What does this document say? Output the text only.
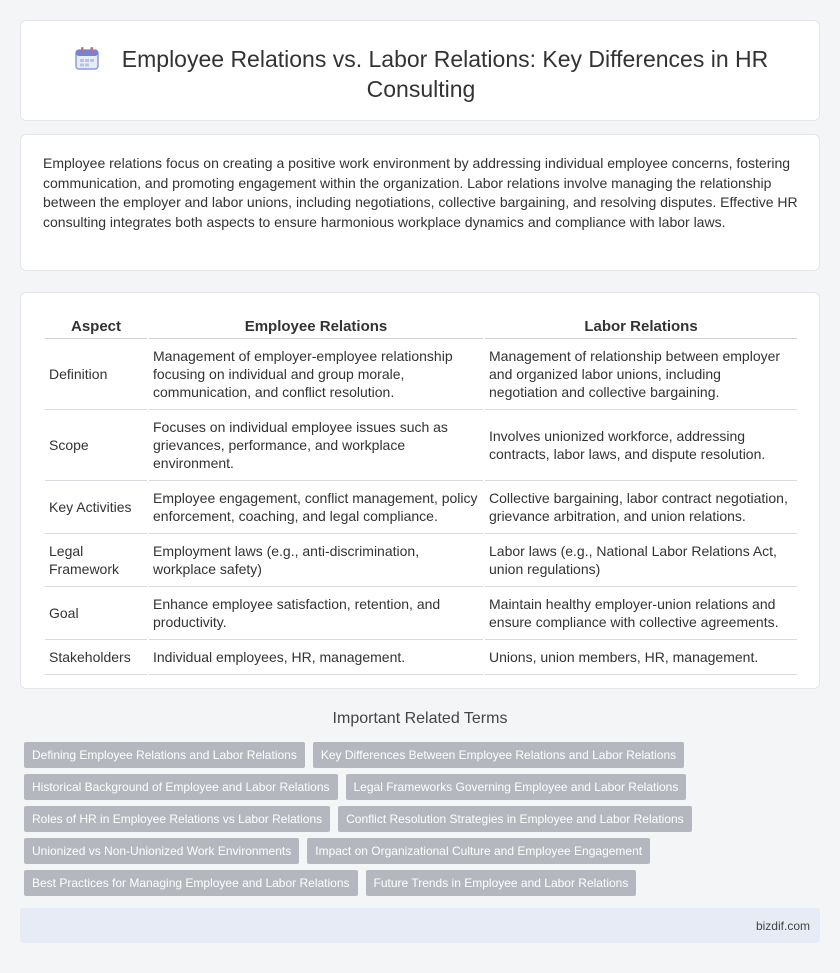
Employee Relations vs. Labor Relations: Key Differences in HR Consulting

Employee relations focus on creating a positive work environment by addressing individual employee concerns, fostering communication, and promoting engagement within the organization. Labor relations involve managing the relationship between the employer and labor unions, including negotiations, collective bargaining, and resolving disputes. Effective HR consulting integrates both aspects to ensure harmonious workplace dynamics and compliance with labor laws.

Aspect	Employee Relations	Labor Relations
Definition	Management of employer-employee relationship focusing on individual and group morale, communication, and conflict resolution.	Management of relationship between employer and organized labor unions, including negotiation and collective bargaining.
Scope	Focuses on individual employee issues such as grievances, performance, and workplace environment.	Involves unionized workforce, addressing contracts, labor laws, and dispute resolution.
Key Activities	Employee engagement, conflict management, policy enforcement, coaching, and legal compliance.	Collective bargaining, labor contract negotiation, grievance arbitration, and union relations.
Legal Framework	Employment laws (e.g., anti-discrimination, workplace safety)	Labor laws (e.g., National Labor Relations Act, union regulations)
Goal	Enhance employee satisfaction, retention, and productivity.	Maintain healthy employer-union relations and ensure compliance with collective agreements.
Stakeholders	Individual employees, HR, management.	Unions, union members, HR, management.
Important Related Terms
Defining Employee Relations and Labor Relations	Key Differences Between Employee Relations and Labor Relations
Historical Background of Employee and Labor Relations	Legal Frameworks Governing Employee and Labor Relations
Roles of HR in Employee Relations vs Labor Relations	Conflict Resolution Strategies in Employee and Labor Relations
Unionized vs Non-Unionized Work Environments	Impact on Organizational Culture and Employee Engagement
Best Practices for Managing Employee and Labor Relations	Future Trends in Employee and Labor Relations
bizdif.com
